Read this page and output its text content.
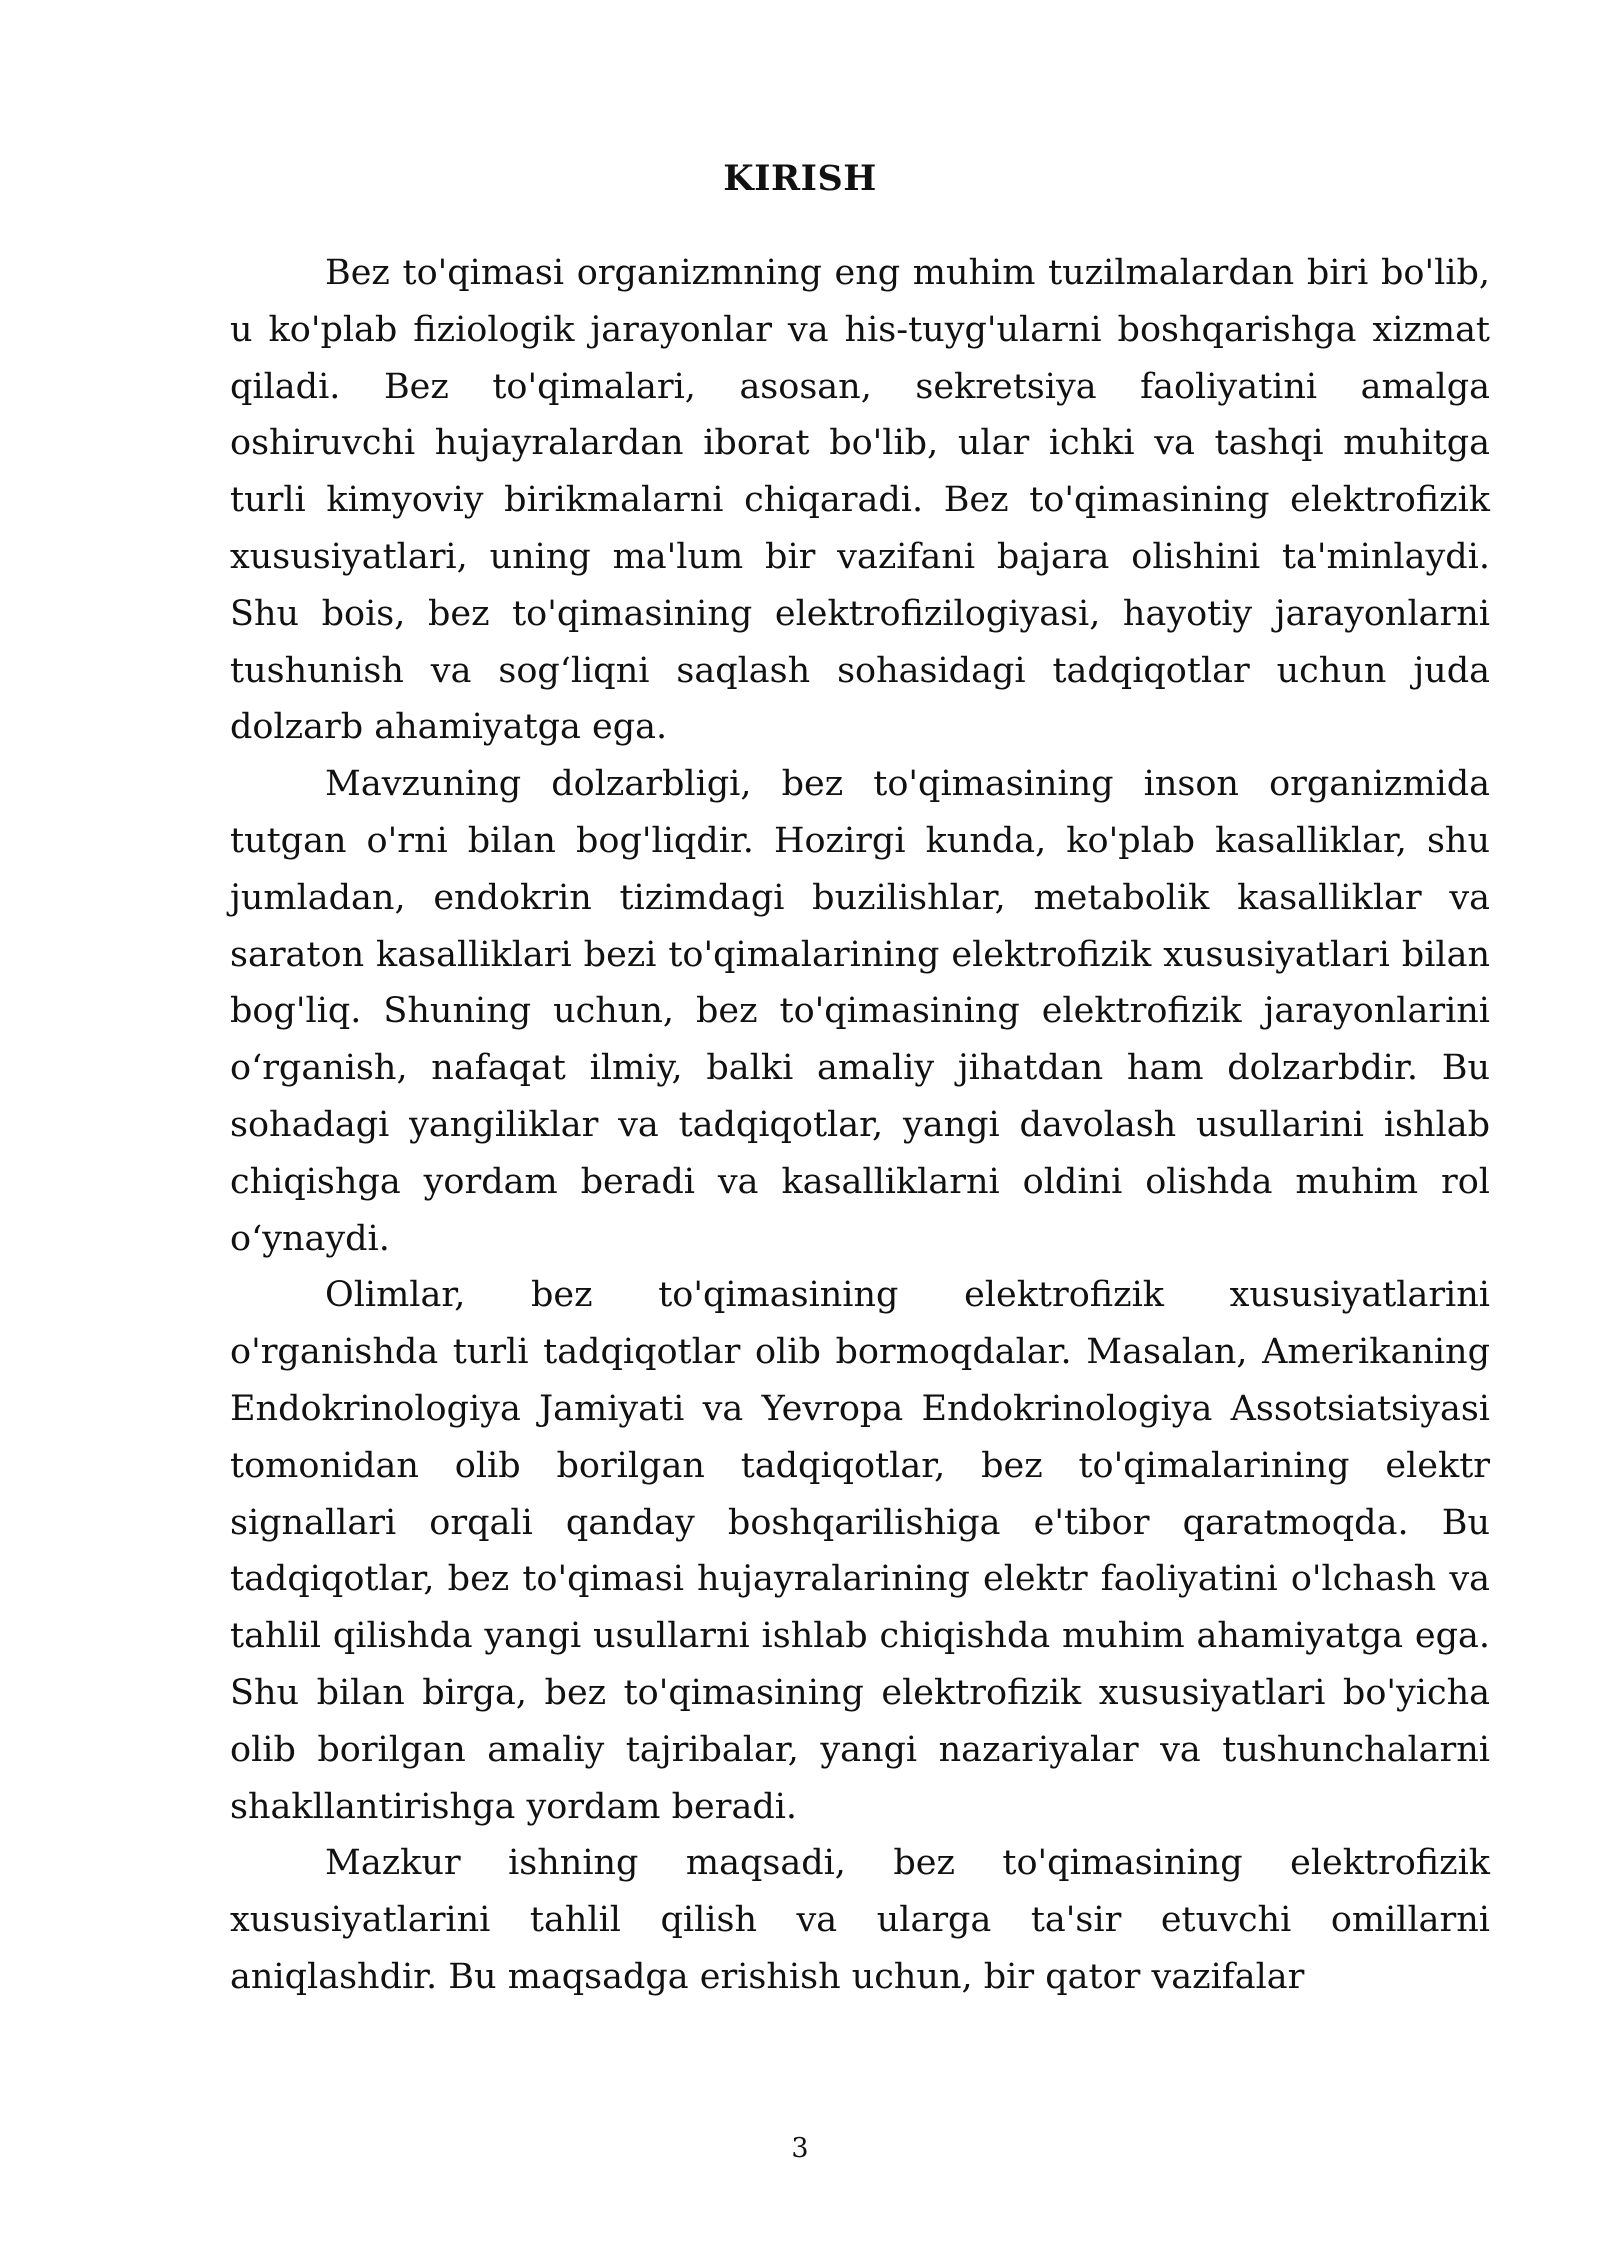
KIRISH

Bez to'qimasi organizmning eng muhim tuzilmalardan biri bo'lib, u ko'plab fiziologik jarayonlar va his-tuyg'ularni boshqarishga xizmat qiladi. Bez to'qimalari, asosan, sekretsiya faoliyatini amalga oshiruvchi hujayralardan iborat bo'lib, ular ichki va tashqi muhitga turli kimyoviy birikmalarni chiqaradi. Bez to'qimasining elektrofizik xususiyatlari, uning ma'lum bir vazifani bajara olishini ta'minlaydi. Shu bois, bez to'qimasining elektrofizilogiyasi, hayotiy jarayonlarni tushunish va sog‘liqni saqlash sohasidagi tadqiqotlar uchun juda dolzarb ahamiyatga ega.

Mavzuning dolzarbligi, bez to'qimasining inson organizmida tutgan o'rni bilan bog'liqdir. Hozirgi kunda, ko'plab kasalliklar, shu jumladan, endokrin tizimdagi buzilishlar, metabolik kasalliklar va saraton kasalliklari bezi to'qimalarining elektrofizik xususiyatlari bilan bog'liq. Shuning uchun, bez to'qimasining elektrofizik jarayonlarini o‘rganish, nafaqat ilmiy, balki amaliy jihatdan ham dolzarbdir. Bu sohadagi yangiliklar va tadqiqotlar, yangi davolash usullarini ishlab chiqishga yordam beradi va kasalliklarni oldini olishda muhim rol o‘ynaydi.

Olimlar, bez to'qimasining elektrofizik xususiyatlarini o'rganishda turli tadqiqotlar olib bormoqdalar. Masalan, Amerikaning Endokrinologiya Jamiyati va Yevropa Endokrinologiya Assotsiatsiyasi tomonidan olib borilgan tadqiqotlar, bez to'qimalarining elektr signallari orqali qanday boshqarilishiga e'tibor qaratmoqda. Bu tadqiqotlar, bez to'qimasi hujayralarining elektr faoliyatini o'lchash va tahlil qilishda yangi usullarni ishlab chiqishda muhim ahamiyatga ega. Shu bilan birga, bez to'qimasining elektrofizik xususiyatlari bo'yicha olib borilgan amaliy tajribalar, yangi nazariyalar va tushunchalarni shakllantirishga yordam beradi.

Mazkur ishning maqsadi, bez to'qimasining elektrofizik xususiyatlarini tahlil qilish va ularga ta'sir etuvchi omillarni aniqlashdir. Bu maqsadga erishish uchun, bir qator vazifalar

3
